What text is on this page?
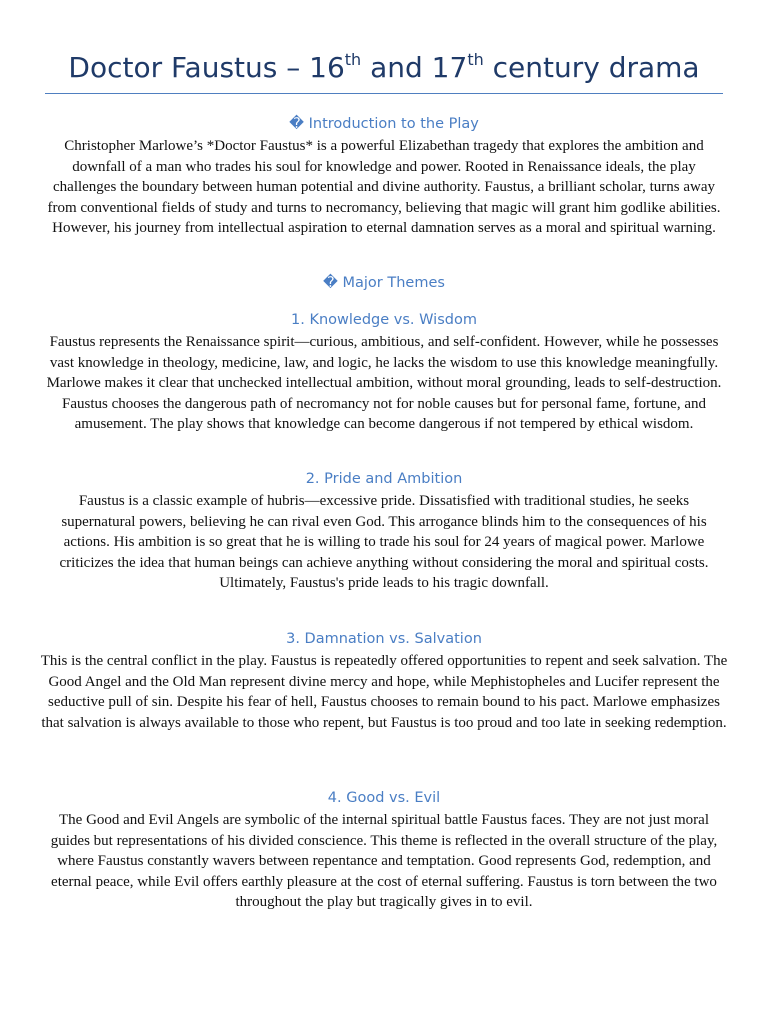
Doctor Faustus – 16th and 17th century drama
� Introduction to the Play

Christopher Marlowe’s *Doctor Faustus* is a powerful Elizabethan tragedy that explores the ambition and downfall of a man who trades his soul for knowledge and power. Rooted in Renaissance ideals, the play challenges the boundary between human potential and divine authority. Faustus, a brilliant scholar, turns away from conventional fields of study and turns to necromancy, believing that magic will grant him godlike abilities. However, his journey from intellectual aspiration to eternal damnation serves as a moral and spiritual warning.

� Major Themes
1. Knowledge vs. Wisdom

Faustus represents the Renaissance spirit—curious, ambitious, and self-confident. However, while he possesses vast knowledge in theology, medicine, law, and logic, he lacks the wisdom to use this knowledge meaningfully. Marlowe makes it clear that unchecked intellectual ambition, without moral grounding, leads to self-destruction. Faustus chooses the dangerous path of necromancy not for noble causes but for personal fame, fortune, and amusement. The play shows that knowledge can become dangerous if not tempered by ethical wisdom.

2. Pride and Ambition

Faustus is a classic example of hubris—excessive pride. Dissatisfied with traditional studies, he seeks supernatural powers, believing he can rival even God. This arrogance blinds him to the consequences of his actions. His ambition is so great that he is willing to trade his soul for 24 years of magical power. Marlowe criticizes the idea that human beings can achieve anything without considering the moral and spiritual costs. Ultimately, Faustus's pride leads to his tragic downfall.

3. Damnation vs. Salvation

This is the central conflict in the play. Faustus is repeatedly offered opportunities to repent and seek salvation. The Good Angel and the Old Man represent divine mercy and hope, while Mephistopheles and Lucifer represent the seductive pull of sin. Despite his fear of hell, Faustus chooses to remain bound to his pact. Marlowe emphasizes that salvation is always available to those who repent, but Faustus is too proud and too late in seeking redemption.

4. Good vs. Evil

The Good and Evil Angels are symbolic of the internal spiritual battle Faustus faces. They are not just moral guides but representations of his divided conscience. This theme is reflected in the overall structure of the play, where Faustus constantly wavers between repentance and temptation. Good represents God, redemption, and eternal peace, while Evil offers earthly pleasure at the cost of eternal suffering. Faustus is torn between the two throughout the play but tragically gives in to evil.
